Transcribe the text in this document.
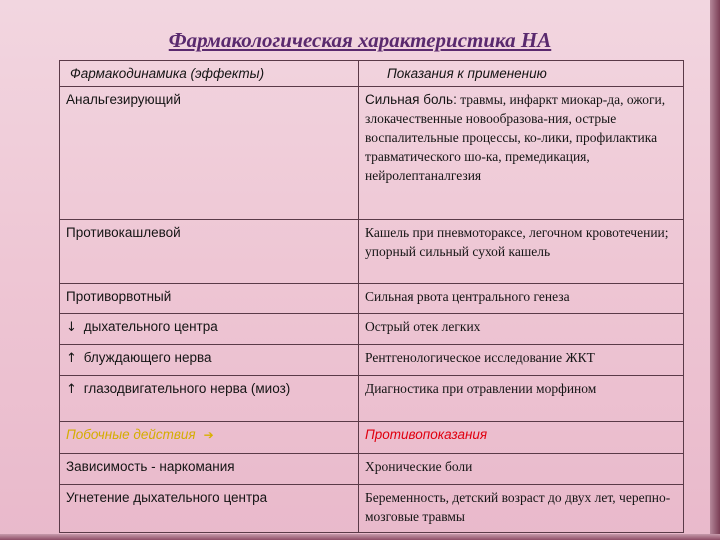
Фармакологическая характеристика НА
Фармакодинамика (эффекты)	Показания к применению
Анальгезирующий	Сильная боль: травмы, инфаркт миокар-да, ожоги, злокачественные новообразова-ния, острые воспалительные процессы, ко-лики, профилактика травматического шо-ка, премедикация, нейролептаналгезия
Противокашлевой	Кашель при пневмотораксе, легочном кровотечении; упорный сильный сухой кашель
Противорвотный	Сильная рвота центрального генеза
↓ дыхательного центра	Острый отек легких
↑ блуждающего нерва	Рентгенологическое исследование ЖКТ
↑ глазодвигательного нерва (миоз)	Диагностика при отравлении морфином
Побочные действия ➔	Противопоказания
Зависимость - наркомания	Хронические боли
Угнетение дыхательного центра	Беременность, детский возраст до двух лет, черепно-мозговые травмы
